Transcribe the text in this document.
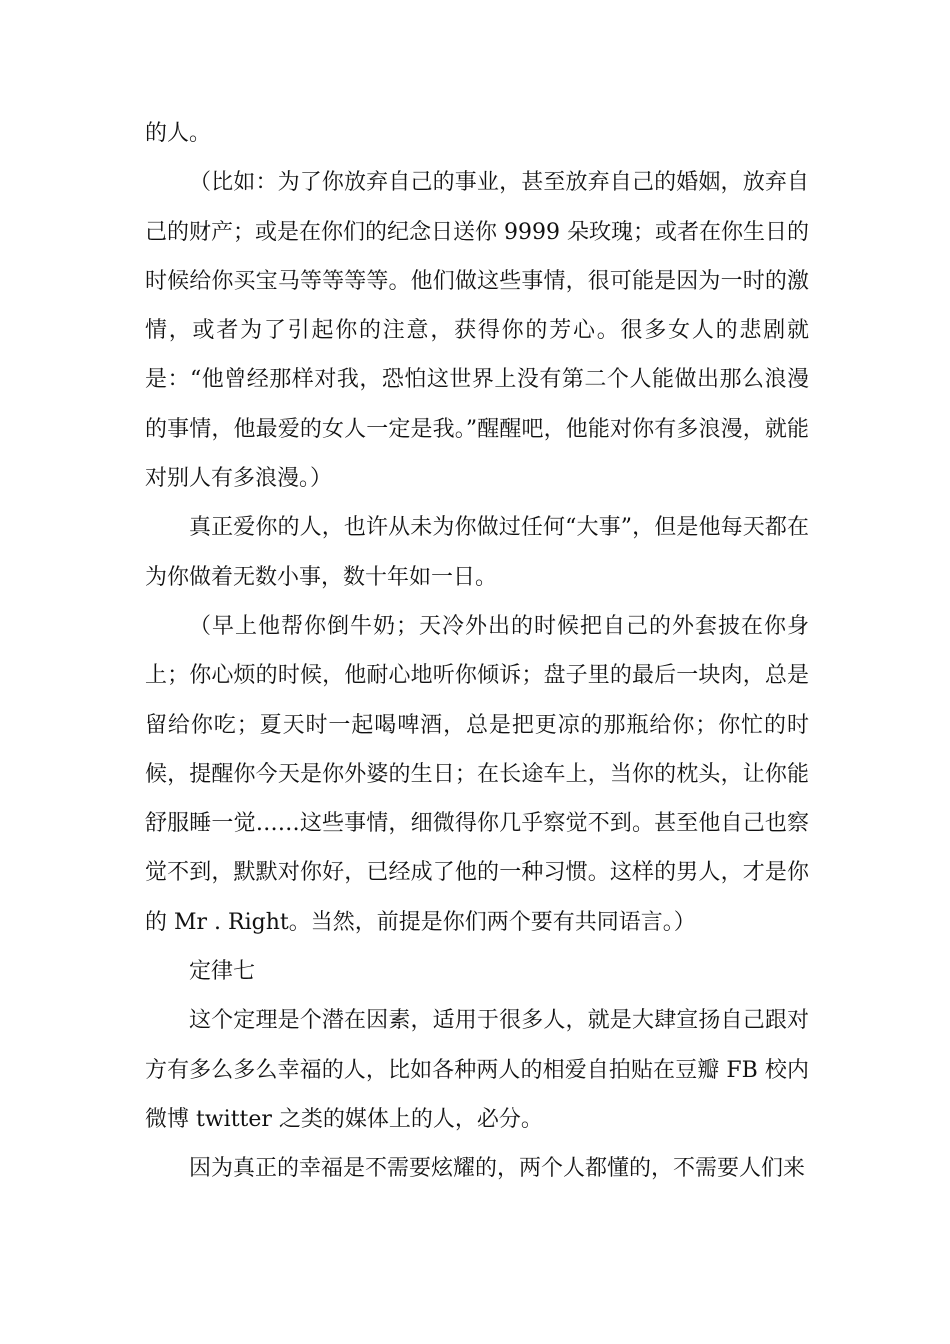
的人。

（比如：为了你放弃自己的事业，甚至放弃自己的婚姻，放弃自己的财产；或是在你们的纪念日送你 9999 朵玫瑰；或者在你生日的时候给你买宝马等等等等。他们做这些事情，很可能是因为一时的激情，或者为了引起你的注意，获得你的芳心。很多女人的悲剧就是：“他曾经那样对我，恐怕这世界上没有第二个人能做出那么浪漫的事情，他最爱的女人一定是我。”醒醒吧，他能对你有多浪漫，就能对别人有多浪漫。）

真正爱你的人，也许从未为你做过任何“大事”，但是他每天都在为你做着无数小事，数十年如一日。

（早上他帮你倒牛奶；天冷外出的时候把自己的外套披在你身上；你心烦的时候，他耐心地听你倾诉；盘子里的最后一块肉，总是留给你吃；夏天时一起喝啤酒，总是把更凉的那瓶给你；你忙的时候，提醒你今天是你外婆的生日；在长途车上，当你的枕头，让你能舒服睡一觉……这些事情，细微得你几乎察觉不到。甚至他自己也察觉不到，默默对你好，已经成了他的一种习惯。这样的男人，才是你的 Mr . Right。当然，前提是你们两个要有共同语言。）

定律七

这个定理是个潜在因素，适用于很多人，就是大肆宣扬自己跟对方有多么多么幸福的人，比如各种两人的相爱自拍贴在豆瓣 FB 校内微博 twitter 之类的媒体上的人，必分。

因为真正的幸福是不需要炫耀的，两个人都懂的，不需要人们来
